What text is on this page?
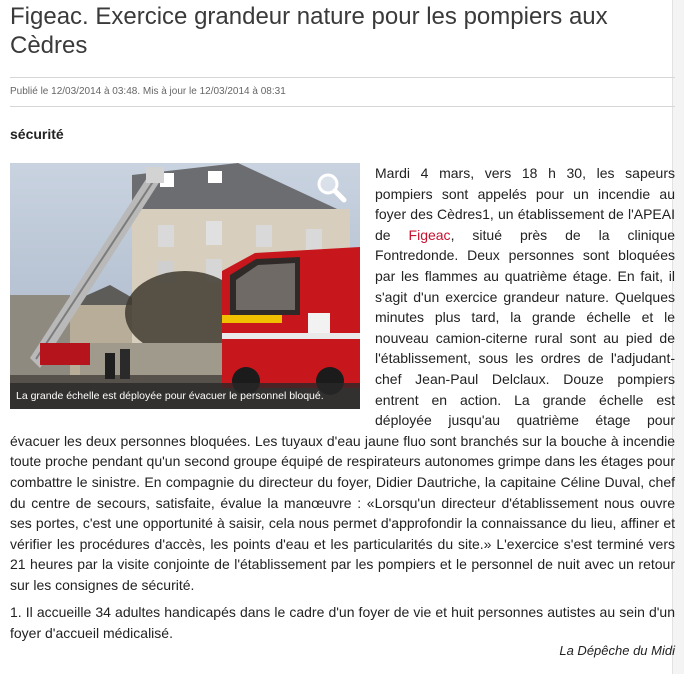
Figeac. Exercice grandeur nature pour les pompiers aux Cèdres
Publié le 12/03/2014 à 03:48. Mis à jour le 12/03/2014 à 08:31
sécurité
La grande échelle est déployée pour évacuer le personnel bloqué.

Mardi 4 mars, vers 18 h 30, les sapeurs pompiers sont appelés pour un incendie au foyer des Cèdres1, un établissement de l'APEAI de Figeac, situé près de la clinique Fontredonde. Deux personnes sont bloquées par les flammes au quatrième étage. En fait, il s'agit d'un exercice grandeur nature. Quelques minutes plus tard, la grande échelle et le nouveau camion-citerne rural sont au pied de l'établissement, sous les ordres de l'adjudant-chef Jean-Paul Delclaux. Douze pompiers entrent en action. La grande échelle est déployée jusqu'au quatrième étage pour évacuer les deux personnes bloquées. Les tuyaux d'eau jaune fluo sont branchés sur la bouche à incendie toute proche pendant qu'un second groupe équipé de respirateurs autonomes grimpe dans les étages pour combattre le sinistre. En compagnie du directeur du foyer, Didier Dautriche, la capitaine Céline Duval, chef du centre de secours, satisfaite, évalue la manœuvre : «Lorsqu'un directeur d'établissement nous ouvre ses portes, c'est une opportunité à saisir, cela nous permet d'approfondir la connaissance du lieu, affiner et vérifier les procédures d'accès, les points d'eau et les particularités du site.» L'exercice s'est terminé vers 21 heures par la visite conjointe de l'établissement par les pompiers et le personnel de nuit avec un retour sur les consignes de sécurité.

1. Il accueille 34 adultes handicapés dans le cadre d'un foyer de vie et huit personnes autistes au sein d'un foyer d'accueil médicalisé.

La Dépêche du Midi
